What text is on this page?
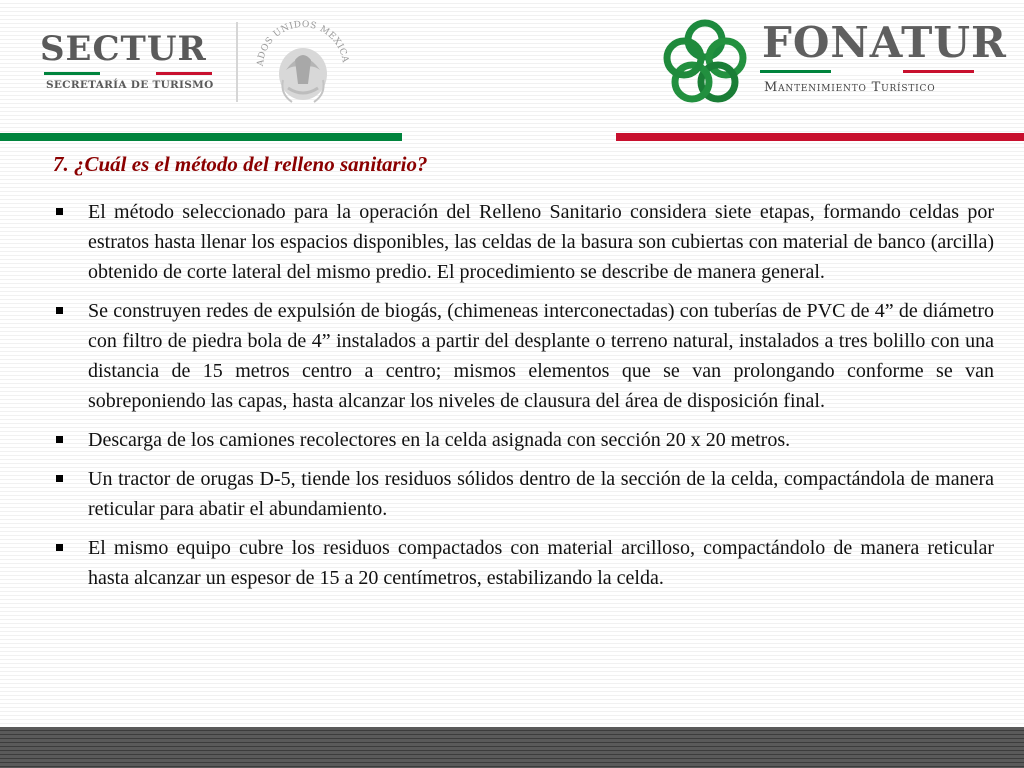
SECTUR
SECRETARÍA DE TURISMO
ADOS UNIDOS MEXICA	FONATUR
Mantenimiento Turístico
7. ¿Cuál es el método del relleno sanitario?
El método seleccionado para la operación del Relleno Sanitario considera siete etapas, formando celdas por estratos hasta llenar los espacios disponibles, las celdas de la basura son cubiertas con material de banco (arcilla) obtenido de corte lateral del mismo predio. El procedimiento se describe de manera general.
Se construyen redes de expulsión de biogás, (chimeneas interconectadas) con tuberías de PVC de 4” de diámetro con filtro de piedra bola de 4” instalados a partir del desplante o terreno natural, instalados a tres bolillo con una distancia de 15 metros centro a centro; mismos elementos que se van prolongando conforme se van sobreponiendo las capas, hasta alcanzar los niveles de clausura del área de disposición final.
Descarga de los camiones recolectores en la celda asignada con sección 20 x 20 metros.
Un tractor de orugas D-5, tiende los residuos sólidos dentro de la sección de la celda, compactándola de manera reticular para abatir el abundamiento.
El mismo equipo cubre los residuos compactados con material arcilloso, compactándolo de manera reticular hasta alcanzar un espesor de 15 a 20 centímetros, estabilizando la celda.
